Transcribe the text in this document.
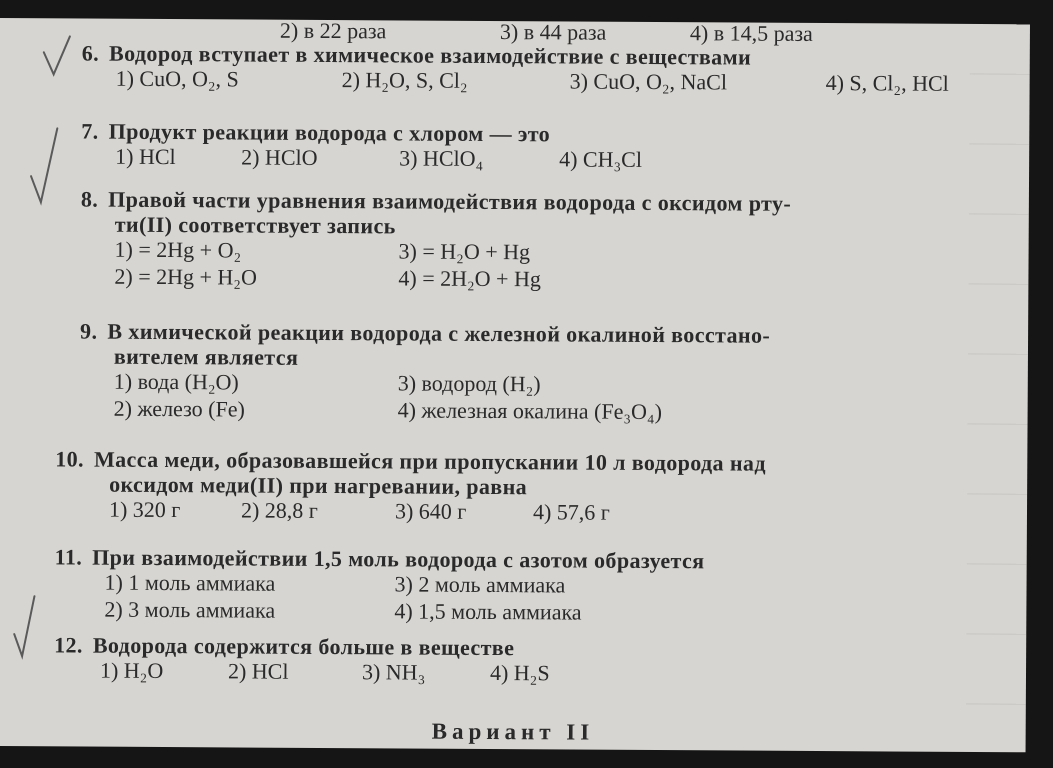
2) в 22 раза	3) в 44 раза	4) в 14,5 раза
6. Водород вступает в химическое взаимодействие с веществами
1) CuO, O₂, S	2) H₂O, S, Cl₂	3) CuO, O₂, NaCl	4) S, Cl₂, HCl
7. Продукт реакции водорода с хлором — это
1) HCl	2) HClO	3) HClO₄	4) CH₃Cl
8. Правой части уравнения взаимодействия водорода с оксидом рту-
ти(II) соответствует запись
1) = 2Hg + O₂	3) = H₂O + Hg
2) = 2Hg + H₂O	4) = 2H₂O + Hg
9. В химической реакции водорода с железной окалиной восстано-
вителем является
1) вода (H₂O)	3) водород (H₂)
2) железо (Fe)	4) железная окалина (Fe₃O₄)
10. Масса меди, образовавшейся при пропускании 10 л водорода над
оксидом меди(II) при нагревании, равна
1) 320 г	2) 28,8 г	3) 640 г	4) 57,6 г
11. При взаимодействии 1,5 моль водорода с азотом образуется
1) 1 моль аммиака	3) 2 моль аммиака
2) 3 моль аммиака	4) 1,5 моль аммиака
12. Водорода содержится больше в веществе
1) H₂O	2) HCl	3) NH₃	4) H₂S
Вариант II
